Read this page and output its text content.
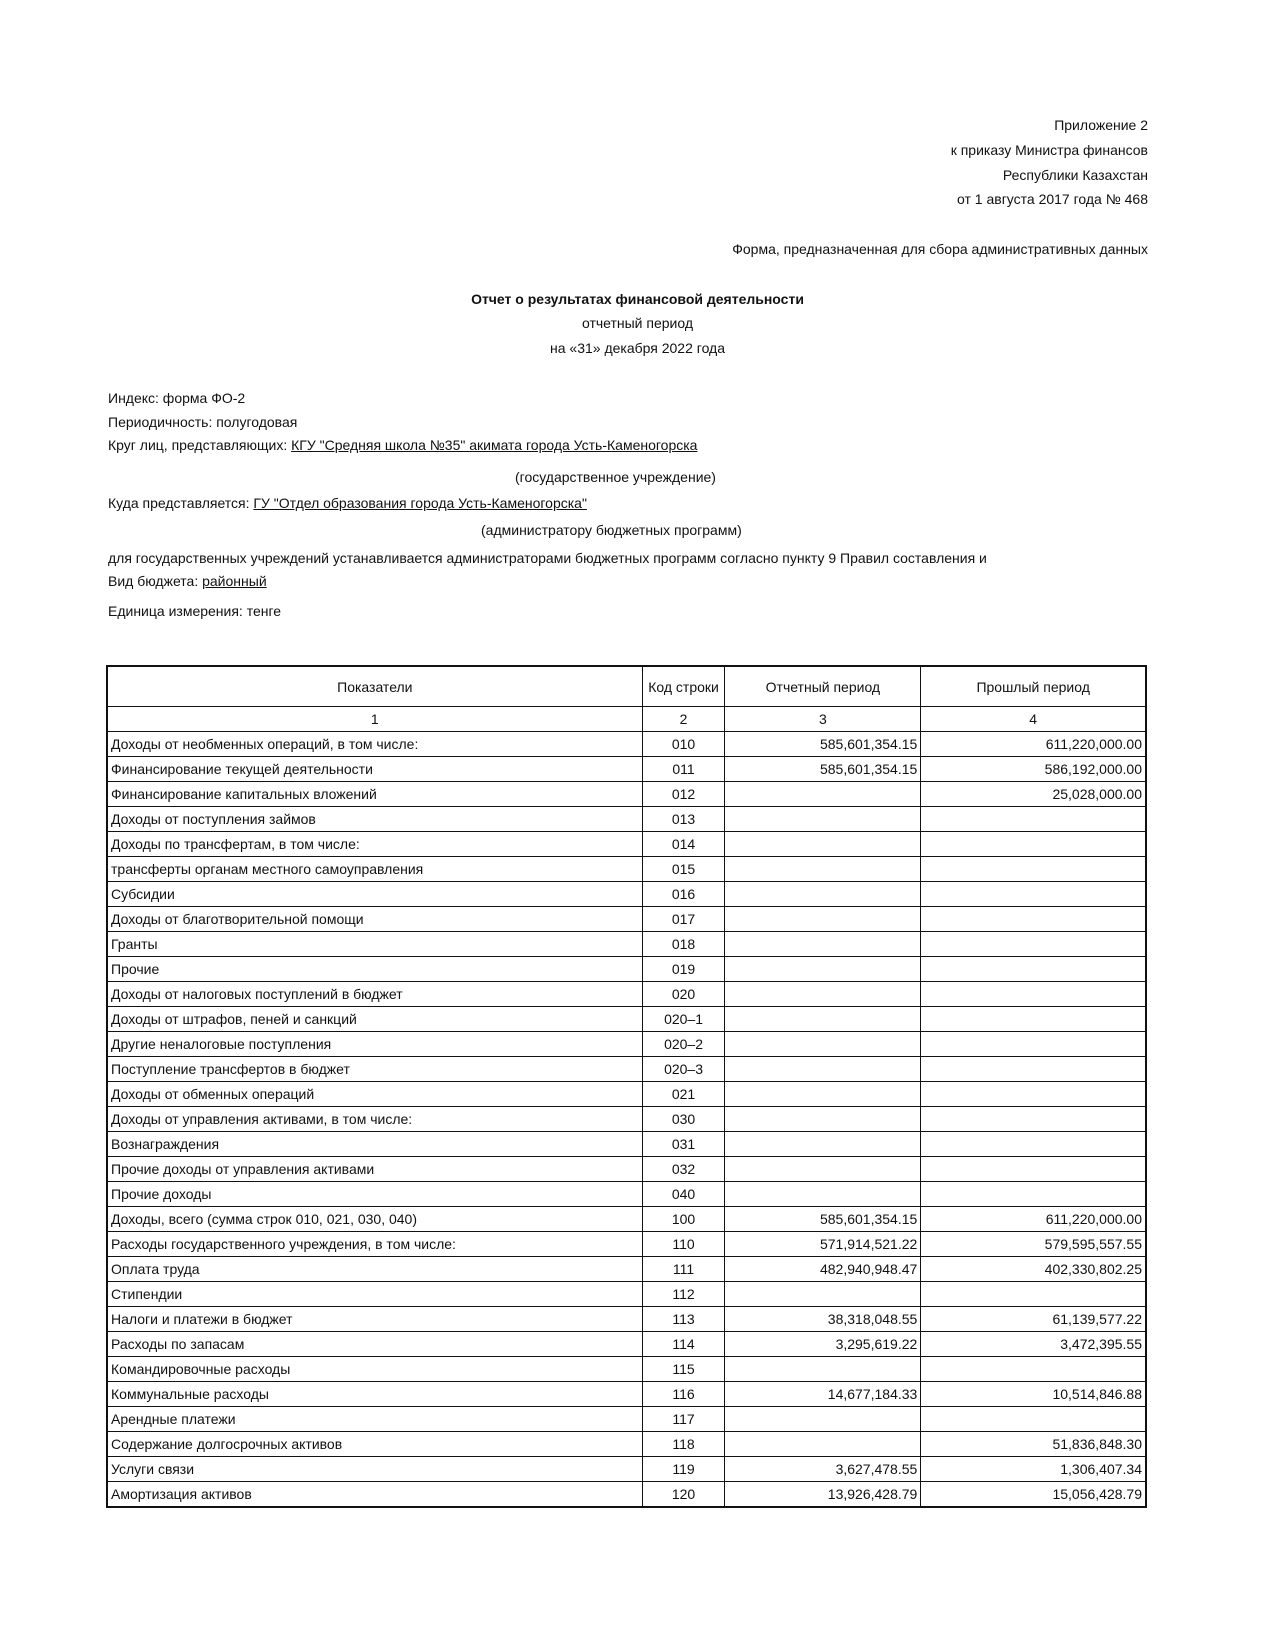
Приложение 2
к приказу Министра финансов
Республики Казахстан
от 1 августа 2017 года № 468
Форма, предназначенная для сбора административных данных
Отчет о результатах финансовой деятельности
отчетный период
на «31» декабря 2022 года
Индекс: форма ФО-2
Периодичность: полугодовая
Круг лиц, представляющих: КГУ "Средняя школа №35" акимата города Усть-Каменогорска
(государственное учреждение)
Куда представляется: ГУ "Отдел образования города Усть-Каменогорска"
(администратору бюджетных программ)
для государственных учреждений устанавливается администраторами бюджетных программ согласно пункту 9 Правил составления и
Вид бюджета: районный
Единица измерения: тенге
Показатели	Код строки	Отчетный период	Прошлый период
1	2	3	4
Доходы от необменных операций, в том числе:	010	585,601,354.15	611,220,000.00
Финансирование текущей деятельности	011	585,601,354.15	586,192,000.00
Финансирование капитальных вложений	012		25,028,000.00
Доходы от поступления займов	013		
Доходы по трансфертам, в том числе:	014		
трансферты органам местного самоуправления	015		
Субсидии	016		
Доходы от благотворительной помощи	017		
Гранты	018		
Прочие	019		
Доходы от налоговых поступлений в бюджет	020		
Доходы от штрафов, пеней и санкций	020–1		
Другие неналоговые поступления	020–2		
Поступление трансфертов в бюджет	020–3		
Доходы от обменных операций	021		
Доходы от управления активами, в том числе:	030		
Вознаграждения	031		
Прочие доходы от управления активами	032		
Прочие доходы	040		
Доходы, всего (сумма строк 010, 021, 030, 040)	100	585,601,354.15	611,220,000.00
Расходы государственного учреждения, в том числе:	110	571,914,521.22	579,595,557.55
Оплата труда	111	482,940,948.47	402,330,802.25
Стипендии	112		
Налоги и платежи в бюджет	113	38,318,048.55	61,139,577.22
Расходы по запасам	114	3,295,619.22	3,472,395.55
Командировочные расходы	115		
Коммунальные расходы	116	14,677,184.33	10,514,846.88
Арендные платежи	117		
Содержание долгосрочных активов	118		51,836,848.30
Услуги связи	119	3,627,478.55	1,306,407.34
Амортизация активов	120	13,926,428.79	15,056,428.79
